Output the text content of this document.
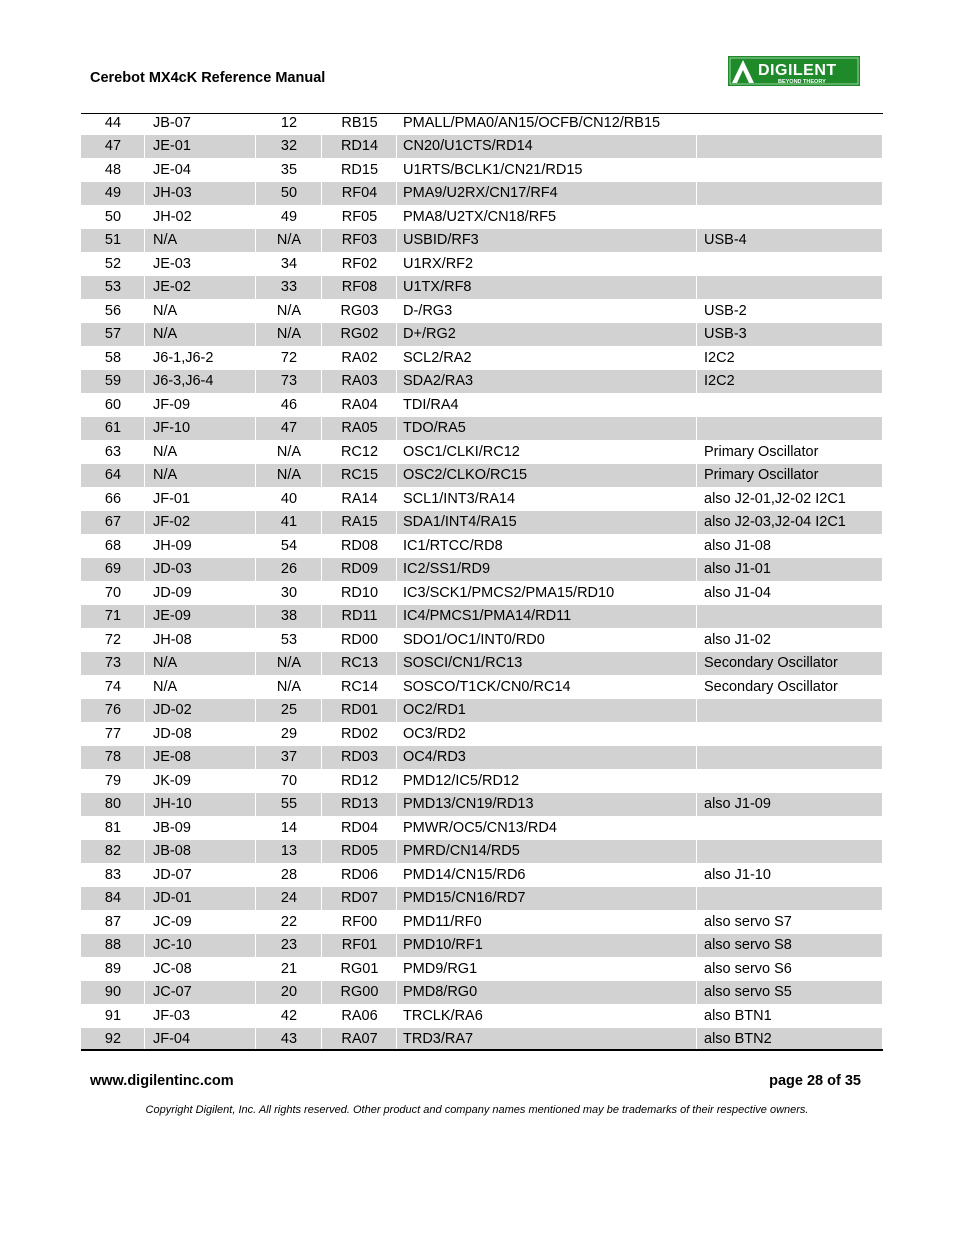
Cerebot MX4cK Reference Manual	DIGILENT
BEYOND THEORY
44	JB-07	12	RB15	PMALL/PMA0/AN15/OCFB/CN12/RB15	
47	JE-01	32	RD14	CN20/U1CTS/RD14	
48	JE-04	35	RD15	U1RTS/BCLK1/CN21/RD15	
49	JH-03	50	RF04	PMA9/U2RX/CN17/RF4	
50	JH-02	49	RF05	PMA8/U2TX/CN18/RF5	
51	N/A	N/A	RF03	USBID/RF3	USB-4
52	JE-03	34	RF02	U1RX/RF2	
53	JE-02	33	RF08	U1TX/RF8	
56	N/A	N/A	RG03	D-/RG3	USB-2
57	N/A	N/A	RG02	D+/RG2	USB-3
58	J6-1,J6-2	72	RA02	SCL2/RA2	I2C2
59	J6-3,J6-4	73	RA03	SDA2/RA3	I2C2
60	JF-09	46	RA04	TDI/RA4	
61	JF-10	47	RA05	TDO/RA5	
63	N/A	N/A	RC12	OSC1/CLKI/RC12	Primary Oscillator
64	N/A	N/A	RC15	OSC2/CLKO/RC15	Primary Oscillator
66	JF-01	40	RA14	SCL1/INT3/RA14	also J2-01,J2-02 I2C1
67	JF-02	41	RA15	SDA1/INT4/RA15	also J2-03,J2-04 I2C1
68	JH-09	54	RD08	IC1/RTCC/RD8	also J1-08
69	JD-03	26	RD09	IC2/SS1/RD9	also J1-01
70	JD-09	30	RD10	IC3/SCK1/PMCS2/PMA15/RD10	also J1-04
71	JE-09	38	RD11	IC4/PMCS1/PMA14/RD11	
72	JH-08	53	RD00	SDO1/OC1/INT0/RD0	also J1-02
73	N/A	N/A	RC13	SOSCI/CN1/RC13	Secondary Oscillator
74	N/A	N/A	RC14	SOSCO/T1CK/CN0/RC14	Secondary Oscillator
76	JD-02	25	RD01	OC2/RD1	
77	JD-08	29	RD02	OC3/RD2	
78	JE-08	37	RD03	OC4/RD3	
79	JK-09	70	RD12	PMD12/IC5/RD12	
80	JH-10	55	RD13	PMD13/CN19/RD13	also J1-09
81	JB-09	14	RD04	PMWR/OC5/CN13/RD4	
82	JB-08	13	RD05	PMRD/CN14/RD5	
83	JD-07	28	RD06	PMD14/CN15/RD6	also J1-10
84	JD-01	24	RD07	PMD15/CN16/RD7	
87	JC-09	22	RF00	PMD11/RF0	also servo S7
88	JC-10	23	RF01	PMD10/RF1	also servo S8
89	JC-08	21	RG01	PMD9/RG1	also servo S6
90	JC-07	20	RG00	PMD8/RG0	also servo S5
91	JF-03	42	RA06	TRCLK/RA6	also BTN1
92	JF-04	43	RA07	TRD3/RA7	also BTN2
www.digilentinc.com	page 28 of 35
Copyright Digilent, Inc. All rights reserved. Other product and company names mentioned may be trademarks of their respective owners.
